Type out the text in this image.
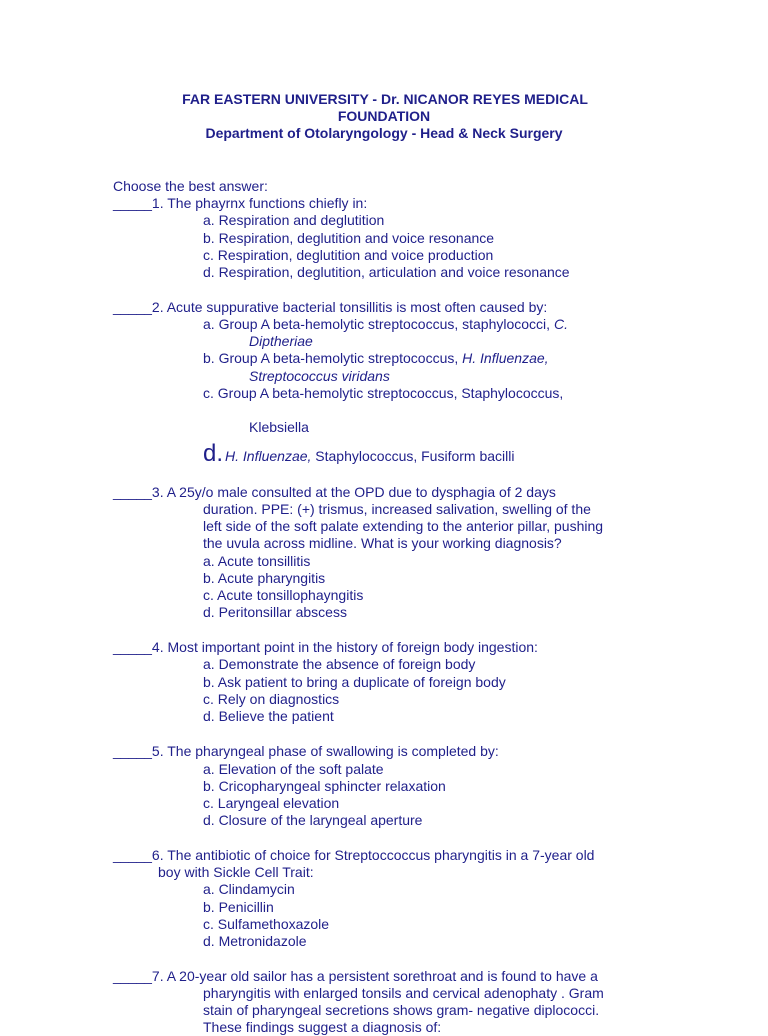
FAR EASTERN UNIVERSITY - Dr. NICANOR REYES MEDICAL
FOUNDATION
Department of Otolaryngology - Head & Neck Surgery
Choose the best answer:
_____1. The phayrnx functions chiefly in:
a. Respiration and deglutition
b. Respiration, deglutition and voice resonance
c. Respiration, deglutition and voice production
d. Respiration, deglutition, articulation and voice resonance
_____2. Acute suppurative bacterial tonsillitis is most often caused by:
a. Group A beta-hemolytic streptococcus, staphylococci, C.
Diptheriae
b. Group A beta-hemolytic streptococcus, H. Influenzae,
Streptococcus viridans
c. Group A beta-hemolytic streptococcus, Staphylococcus,
Klebsiella
d. H. Influenzae, Staphylococcus, Fusiform bacilli
_____3. A 25y/o male consulted at the OPD due to dysphagia of 2 days
duration. PPE: (+) trismus, increased salivation, swelling of the
left side of the soft palate extending to the anterior pillar, pushing
the uvula across midline. What is your working diagnosis?
a. Acute tonsillitis
b. Acute pharyngitis
c. Acute tonsillophayngitis
d. Peritonsillar abscess
_____4. Most important point in the history of foreign body ingestion:
a. Demonstrate the absence of foreign body
b. Ask patient to bring a duplicate of foreign body
c. Rely on diagnostics
d. Believe the patient
_____5. The pharyngeal phase of swallowing is completed by:
a. Elevation of the soft palate
b. Cricopharyngeal sphincter relaxation
c. Laryngeal elevation
d. Closure of the laryngeal aperture
_____6. The antibiotic of choice for Streptoccoccus pharyngitis in a 7-year old
boy with Sickle Cell Trait:
a. Clindamycin
b. Penicillin
c. Sulfamethoxazole
d. Metronidazole
_____7. A 20-year old sailor has a persistent sorethroat and is found to have a
pharyngitis with enlarged tonsils and cervical adenophaty . Gram
stain of pharyngeal secretions shows gram- negative diplococci.
These findings suggest a diagnosis of:
